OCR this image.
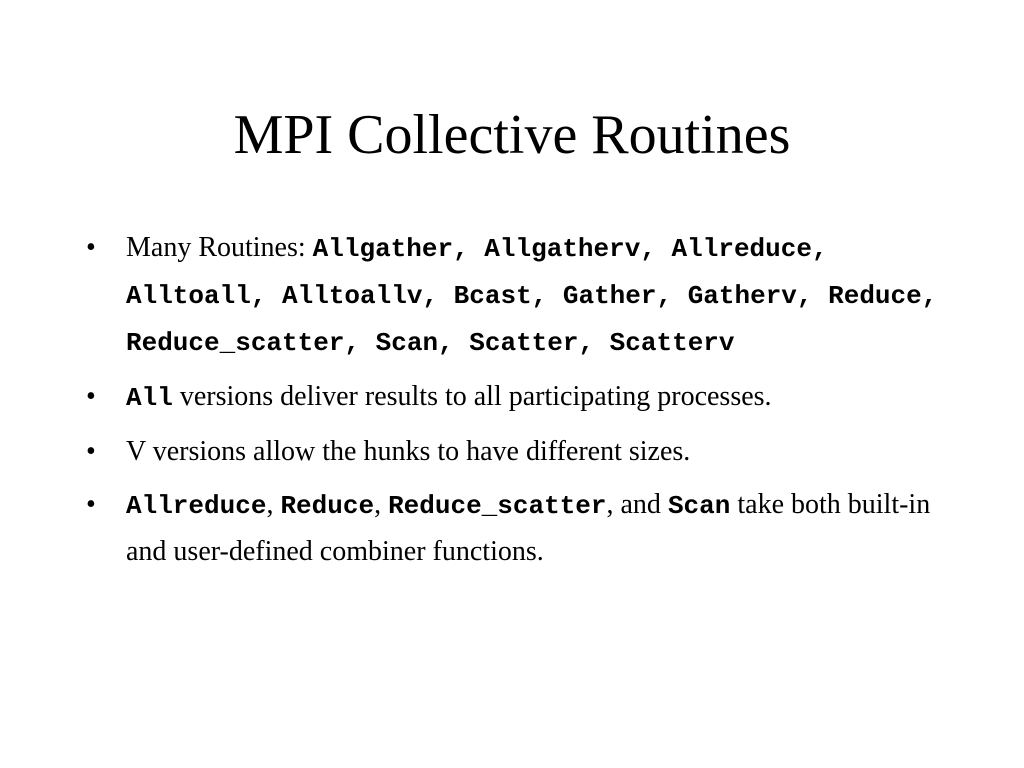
MPI Collective Routines
•	Many Routines: Allgather, Allgatherv, Allreduce, Alltoall, Alltoallv, Bcast, Gather, Gatherv, Reduce, Reduce_scatter, Scan, Scatter, Scatterv
•	All versions deliver results to all participating processes.
•	V versions allow the hunks to have different sizes.
•	Allreduce, Reduce, Reduce_scatter, and Scan take both built-in and user-defined combiner functions.
